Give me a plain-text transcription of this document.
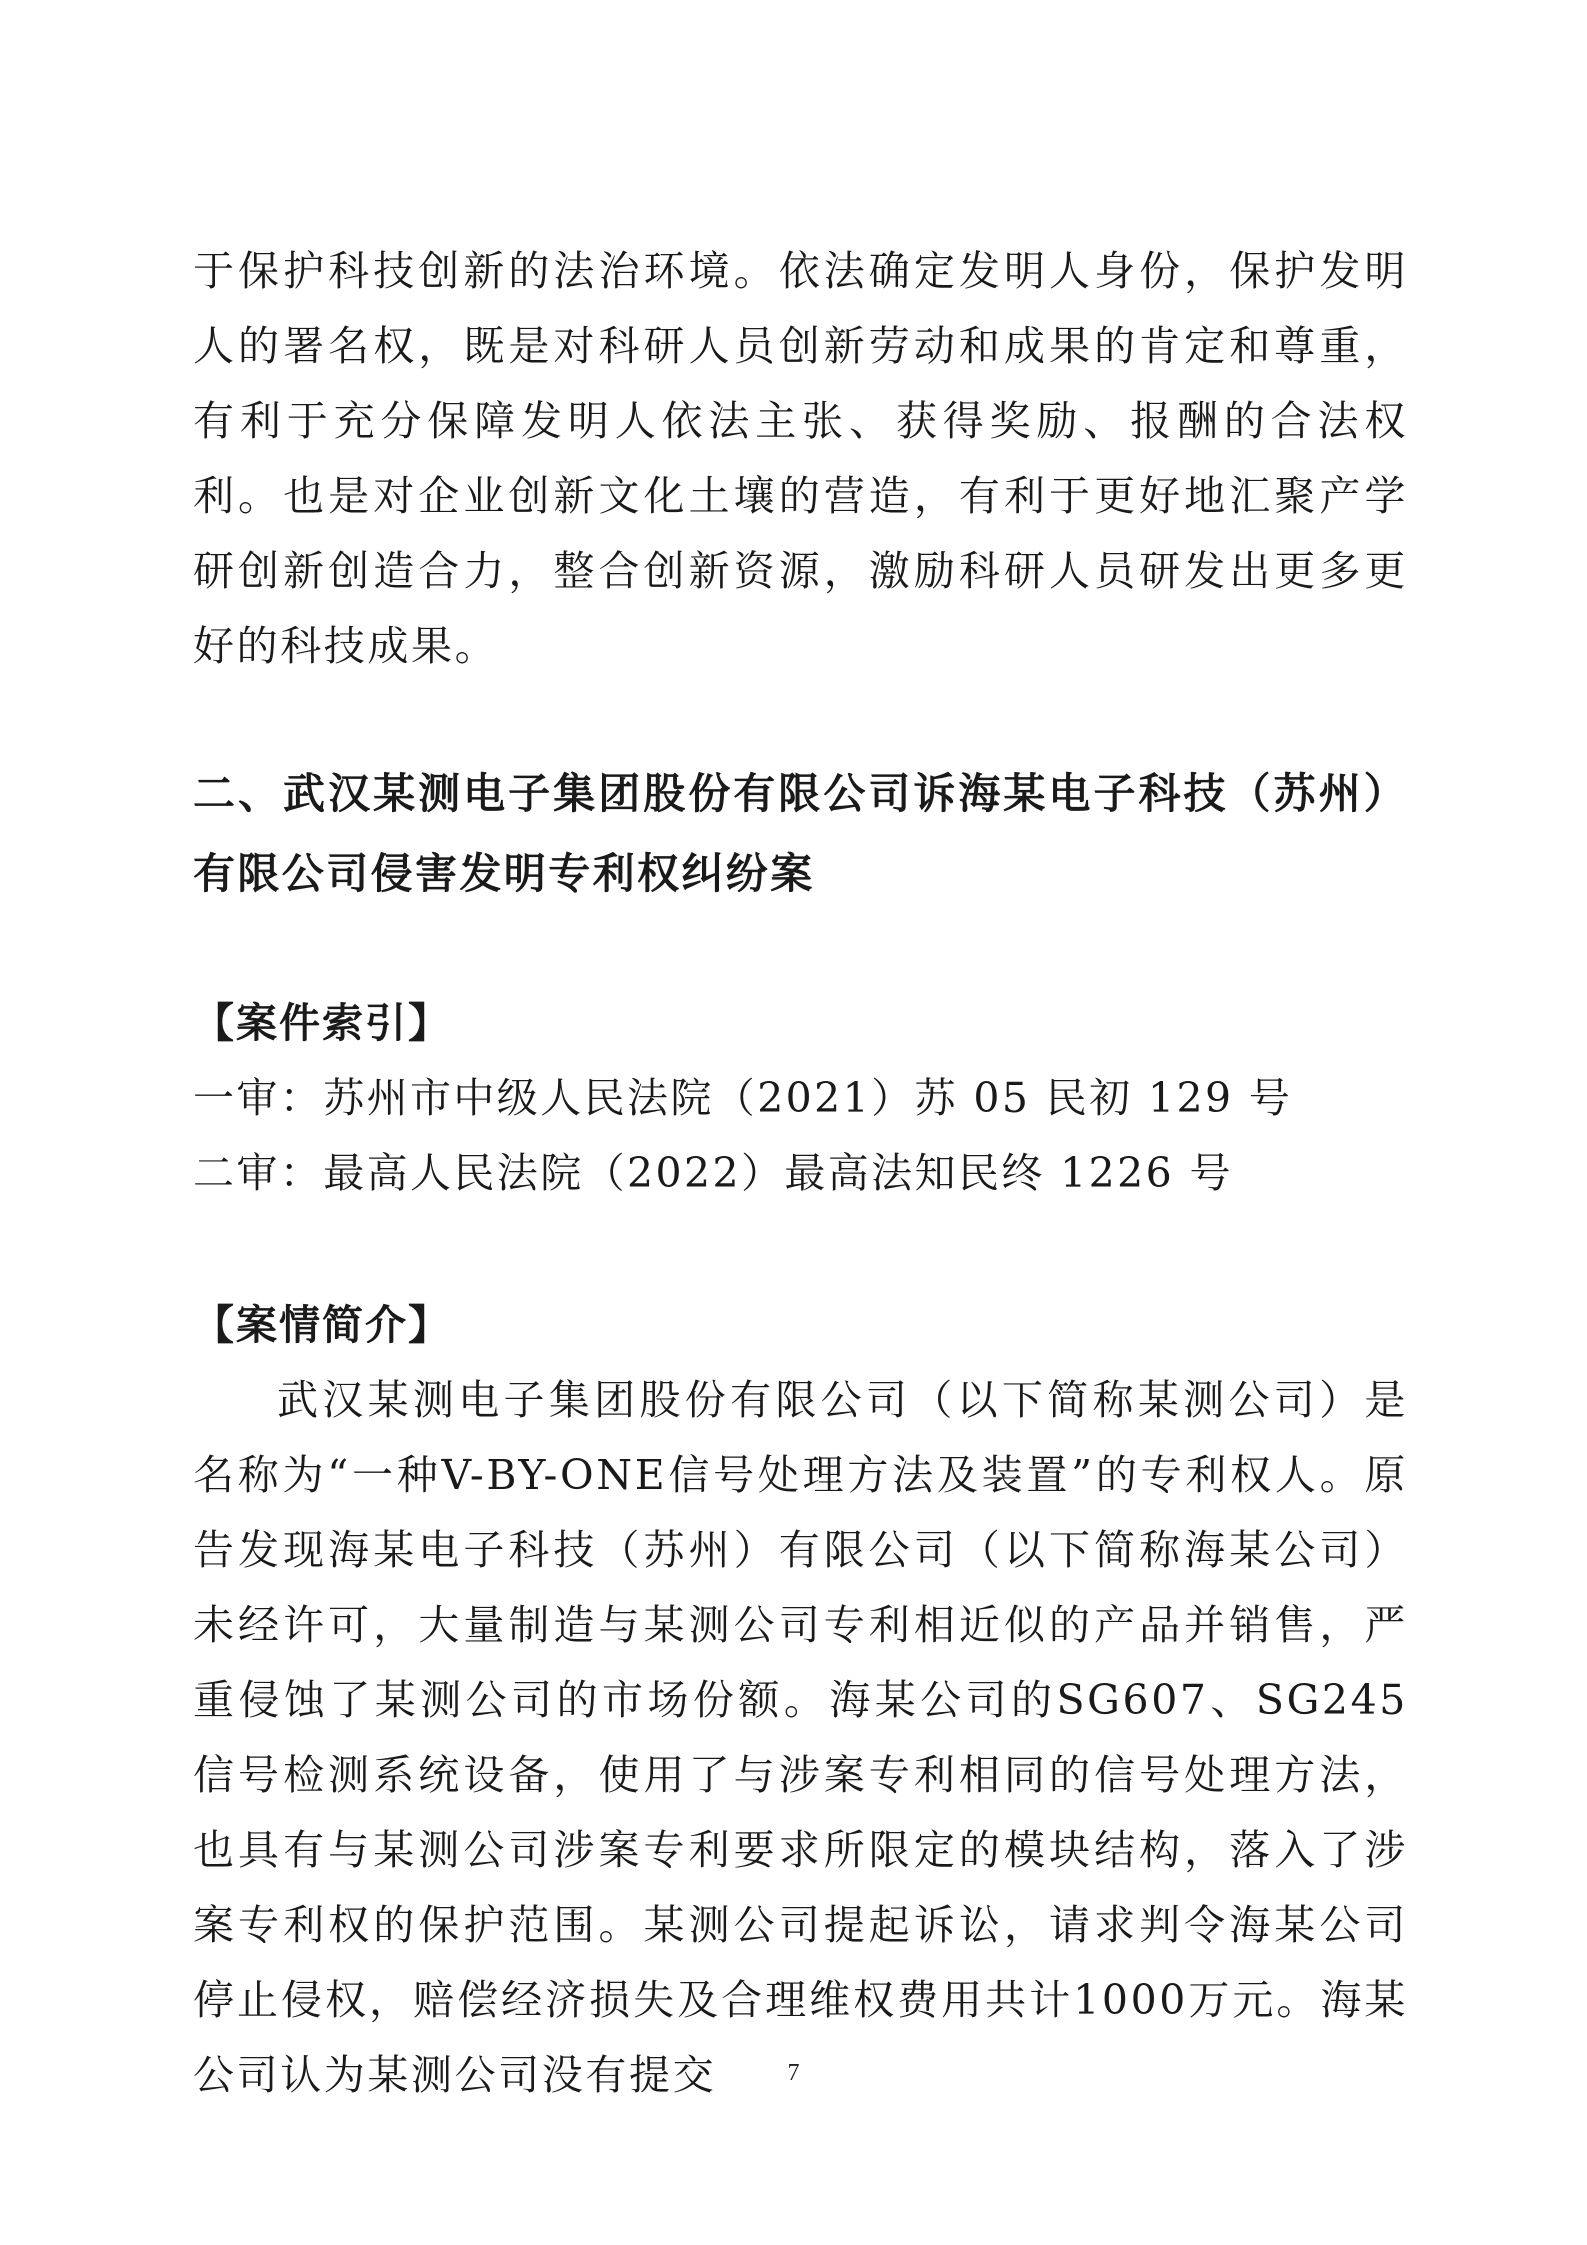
于保护科技创新的法治环境。依法确定发明人身份，保护发明人的署名权，既是对科研人员创新劳动和成果的肯定和尊重，有利于充分保障发明人依法主张、获得奖励、报酬的合法权利。也是对企业创新文化土壤的营造，有利于更好地汇聚产学研创新创造合力，整合创新资源，激励科研人员研发出更多更好的科技成果。

二、武汉某测电子集团股份有限公司诉海某电子科技（苏州）有限公司侵害发明专利权纠纷案

【案件索引】

一审：苏州市中级人民法院（2021）苏 05 民初 129 号

二审：最高人民法院（2022）最高法知民终 1226 号

【案情简介】

武汉某测电子集团股份有限公司（以下简称某测公司）是名称为“一种V-BY-ONE信号处理方法及装置”的专利权人。原告发现海某电子科技（苏州）有限公司（以下简称海某公司）未经许可，大量制造与某测公司专利相近似的产品并销售，严重侵蚀了某测公司的市场份额。海某公司的SG607、SG245信号检测系统设备，使用了与涉案专利相同的信号处理方法，也具有与某测公司涉案专利要求所限定的模块结构，落入了涉案专利权的保护范围。某测公司提起诉讼，请求判令海某公司停止侵权，赔偿经济损失及合理维权费用共计1000万元。海某公司认为某测公司没有提交	7
